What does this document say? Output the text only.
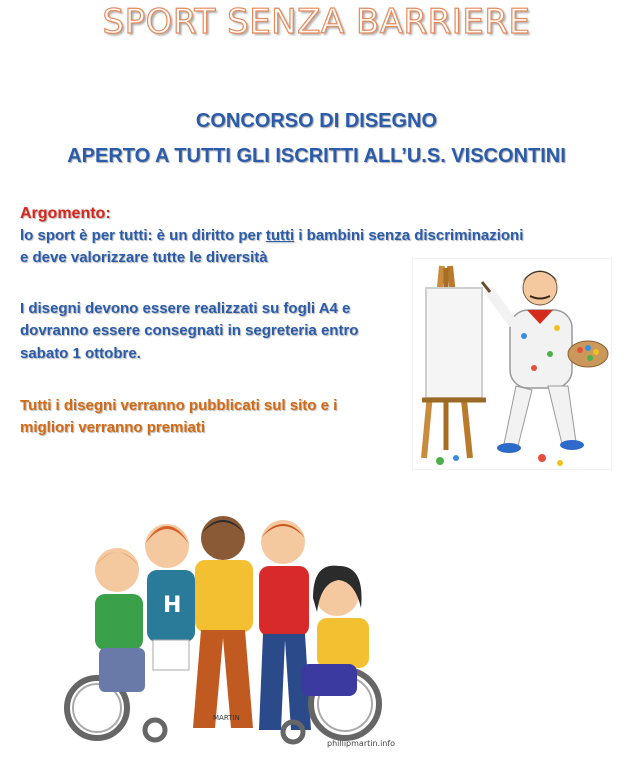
SPORT SENZA BARRIERE
CONCORSO DI DISEGNO
APERTO A TUTTI GLI ISCRITTI ALL’U.S. VISCONTINI
Argomento:
lo sport è per tutti: è un diritto per tutti i bambini senza discriminazioni
e deve valorizzare tutte le diversità
I disegni devono essere realizzati su fogli A4 e
dovranno essere consegnati in segreteria entro
sabato 1 ottobre.
Tutti i disegni verranno pubblicati sul sito e i
migliori verranno premiati
H
MARTIN
phillipmartin.info
